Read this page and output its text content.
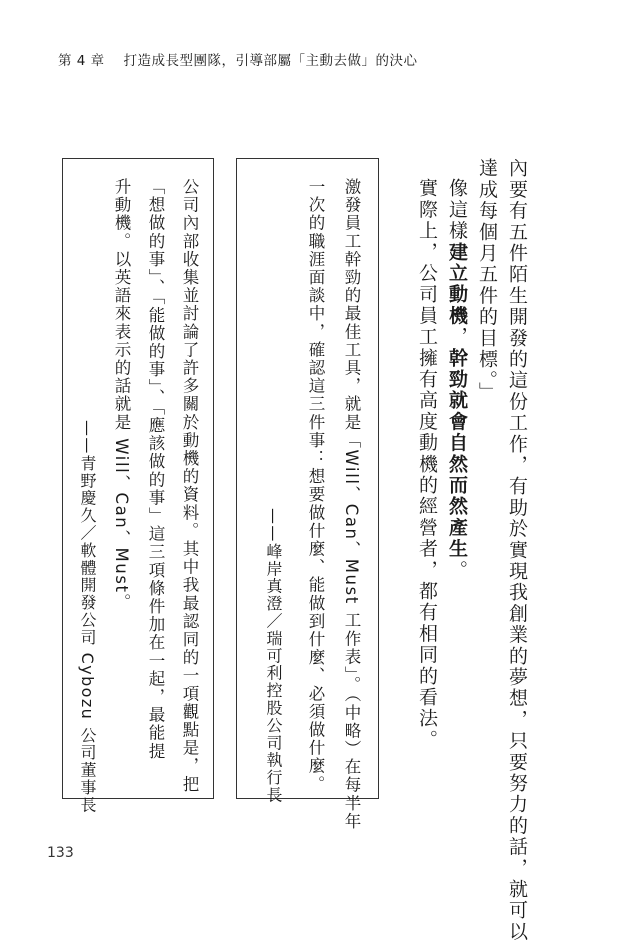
第 4 章 打造成長型團隊，引導部屬「主動去做」的決心
內要有五件陌生開發的這份工作，有助於實現我創業的夢想，只要努力的話，就可以
達成每個月五件的目標。」
像這樣建立動機，幹勁就會自然而然產生。
實際上，公司員工擁有高度動機的經營者，都有相同的看法。
激發員工幹勁的最佳工具，就是「Will、Can、Must 工作表」。（中略）在每半年
一次的職涯面談中，確認這三件事：想要做什麼、能做到什麼、必須做什麼。
——峰岸真澄／瑞可利控股公司執行長
公司內部收集並討論了許多關於動機的資料。其中我最認同的一項觀點是，把
「想做的事」、「能做的事」、「應該做的事」這三項條件加在一起，最能提
升動機。以英語來表示的話就是 Will、Can、Must。
——青野慶久／軟體開發公司 Cybozu 公司董事長
133
